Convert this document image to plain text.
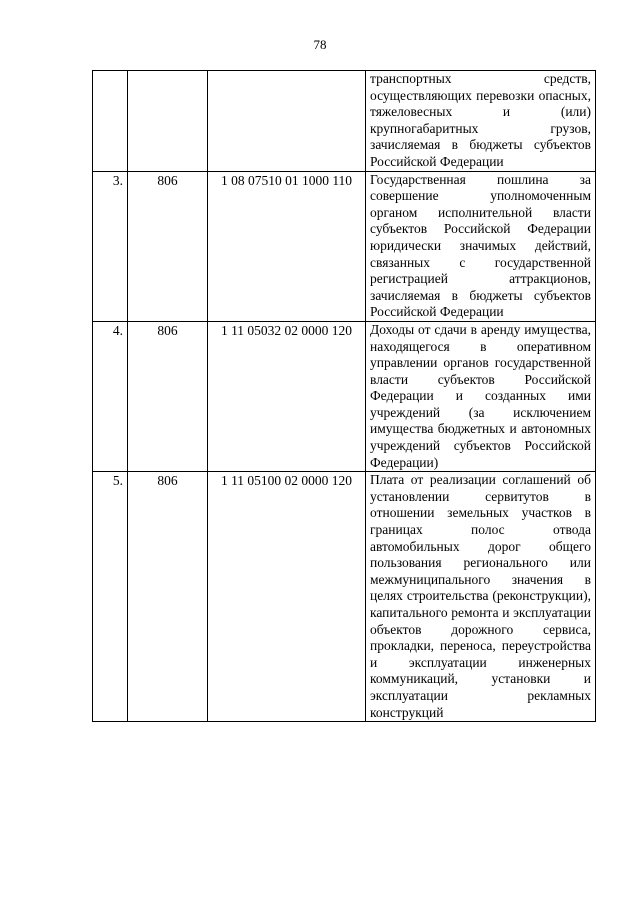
78

			транспортных средств, осуществляющих перевозки опасных, тяжеловесных и (или) крупногабаритных грузов, зачисляемая в бюджеты субъектов Российской Федерации

3.	806	1 08 07510 01 1000 110	Государственная пошлина за совершение уполномоченным органом исполнительной власти субъектов Российской Федерации юридически значимых действий, связанных с государственной регистрацией аттракционов, зачисляемая в бюджеты субъектов Российской Федерации

4.	806	1 11 05032 02 0000 120	Доходы от сдачи в аренду имущества, находящегося в оперативном управлении органов государственной власти субъектов Российской Федерации и созданных ими учреждений (за исключением имущества бюджетных и автономных учреждений субъектов Российской Федерации)

5.	806	1 11 05100 02 0000 120	Плата от реализации соглашений об установлении сервитутов в отношении земельных участков в границах полос отвода автомобильных дорог общего пользования регионального или межмуниципального значения в целях строительства (реконструкции), капитального ремонта и эксплуатации объектов дорожного сервиса, прокладки, переноса, переустройства и эксплуатации инженерных коммуникаций, установки и эксплуатации рекламных конструкций
